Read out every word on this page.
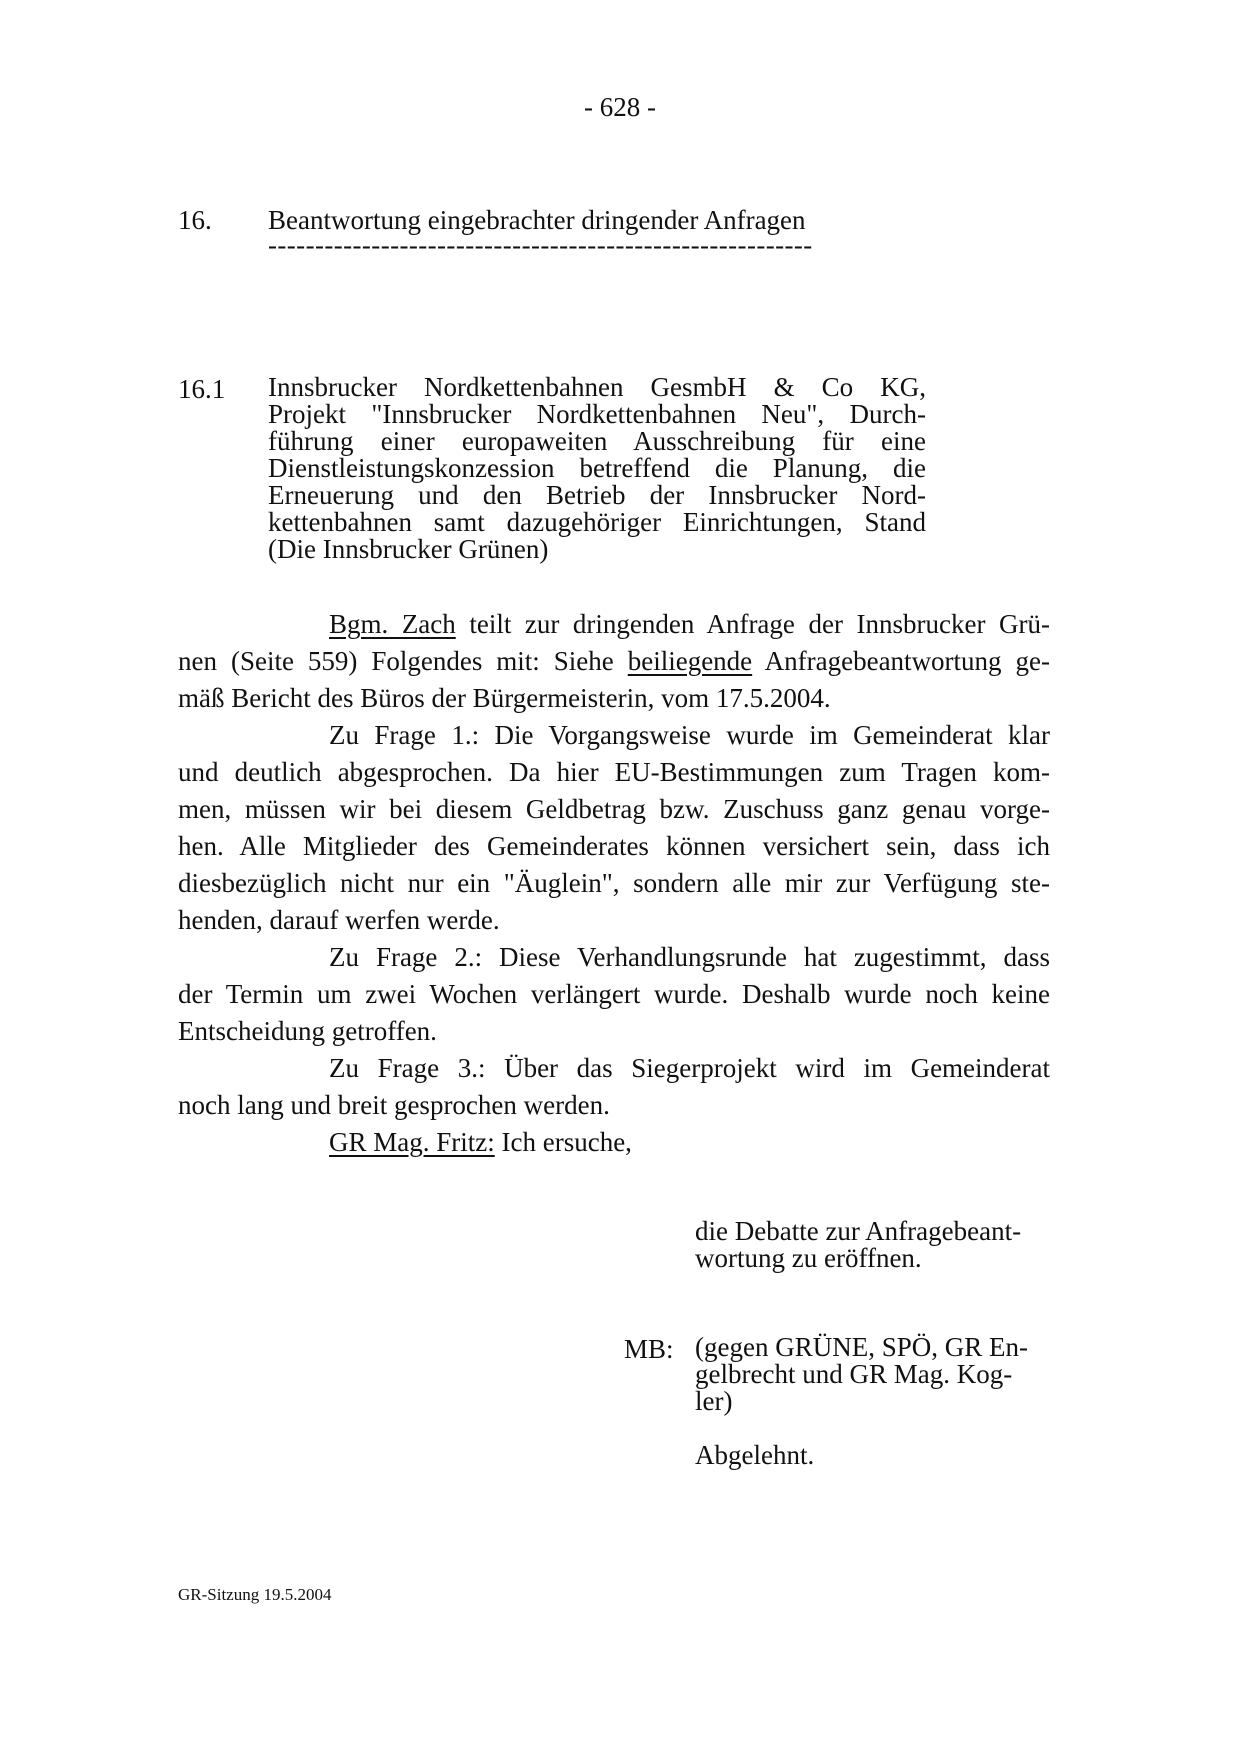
- 628 -
16. Beantwortung eingebrachter dringender Anfragen
----------------------------------------------------------
16.1 Innsbrucker Nordkettenbahnen GesmbH & Co KG,
Projekt "Innsbrucker Nordkettenbahnen Neu", Durch-
führung einer europaweiten Ausschreibung für eine
Dienstleistungskonzession betreffend die Planung, die
Erneuerung und den Betrieb der Innsbrucker Nord-
kettenbahnen samt dazugehöriger Einrichtungen, Stand
(Die Innsbrucker Grünen)
Bgm. Zach teilt zur dringenden Anfrage der Innsbrucker Grü-
nen (Seite 559) Folgendes mit: Siehe beiliegende Anfragebeantwortung ge-
mäß Bericht des Büros der Bürgermeisterin, vom 17.5.2004.
Zu Frage 1.: Die Vorgangsweise wurde im Gemeinderat klar
und deutlich abgesprochen. Da hier EU-Bestimmungen zum Tragen kom-
men, müssen wir bei diesem Geldbetrag bzw. Zuschuss ganz genau vorge-
hen. Alle Mitglieder des Gemeinderates können versichert sein, dass ich
diesbezüglich nicht nur ein "Äuglein", sondern alle mir zur Verfügung ste-
henden, darauf werfen werde.
Zu Frage 2.: Diese Verhandlungsrunde hat zugestimmt, dass
der Termin um zwei Wochen verlängert wurde. Deshalb wurde noch keine
Entscheidung getroffen.
Zu Frage 3.: Über das Siegerprojekt wird im Gemeinderat
noch lang und breit gesprochen werden.
GR Mag. Fritz: Ich ersuche,
die Debatte zur Anfragebeant-
wortung zu eröffnen.
MB: (gegen GRÜNE, SPÖ, GR En-
gelbrecht und GR Mag. Kog-
ler)
Abgelehnt.
GR-Sitzung 19.5.2004
